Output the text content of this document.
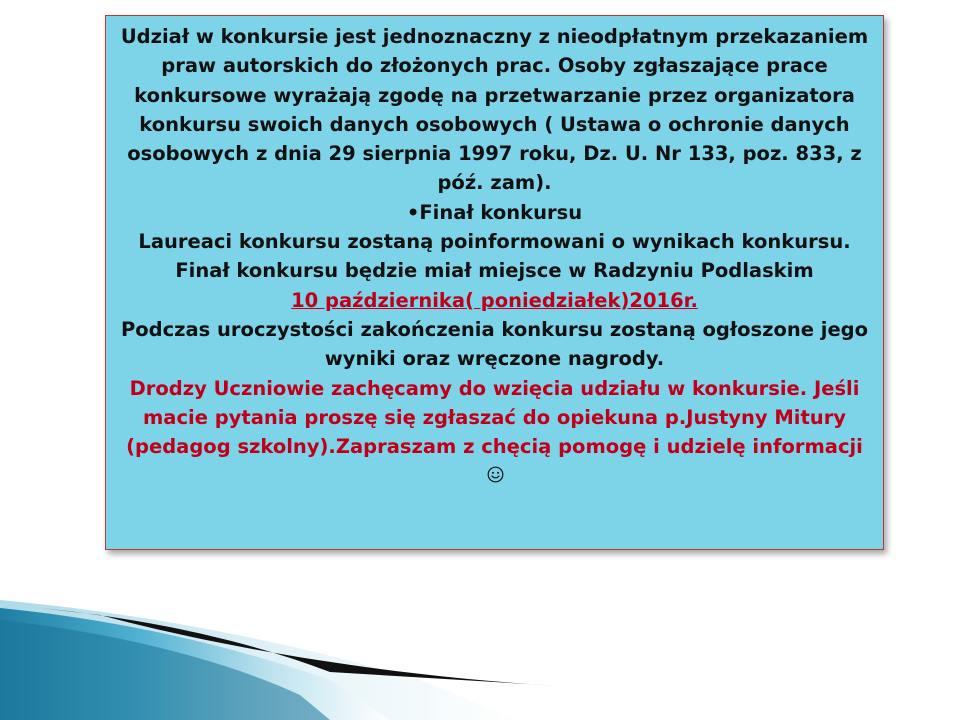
Udział w konkursie jest jednoznaczny z nieodpłatnym przekazaniem praw autorskich do złożonych prac. Osoby zgłaszające prace konkursowe wyrażają zgodę na przetwarzanie przez organizatora konkursu swoich danych osobowych ( Ustawa o ochronie danych osobowych z dnia 29 sierpnia 1997 roku, Dz. U. Nr 133, poz. 833, z póź. zam).

•Finał konkursu

Laureaci konkursu zostaną poinformowani o wynikach konkursu. Finał konkursu będzie miał miejsce w Radzyniu Podlaskim

10 października( poniedziałek)2016r.

Podczas uroczystości zakończenia konkursu zostaną ogłoszone jego wyniki oraz wręczone nagrody.

Drodzy Uczniowie zachęcamy do wzięcia udziału w konkursie. Jeśli macie pytania proszę się zgłaszać do opiekuna p.Justyny Mitury (pedagog szkolny).Zapraszam z chęcią pomogę i udzielę informacji
